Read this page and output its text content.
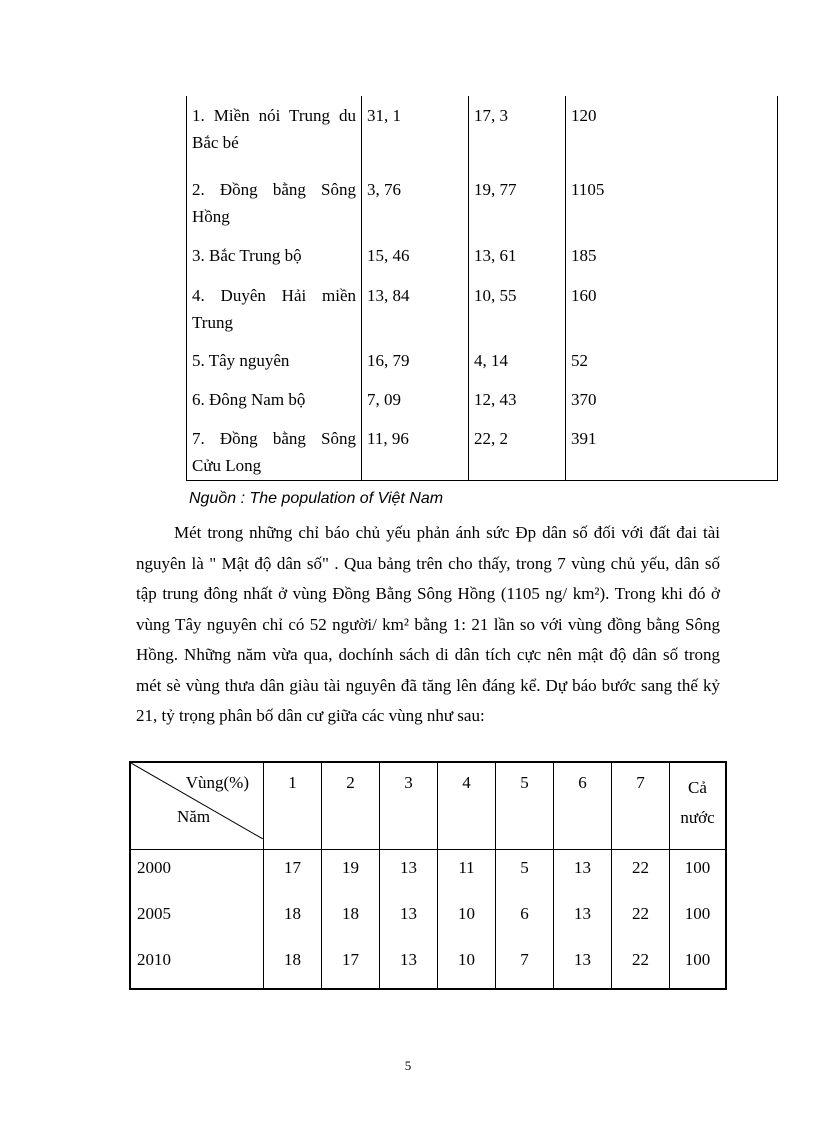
1. Miền nói Trung du Bắc bé	31, 1	17, 3	120

2. Đồng bằng Sông Hồng	3, 76	19, 77	1105

3. Bắc Trung bộ	15, 46	13, 61	185

4. Duyên Hải miền Trung	13, 84	10, 55	160

5. Tây nguyên	16, 79	4, 14	52

6. Đông Nam bộ	7, 09	12, 43	370

7. Đồng bằng Sông Cửu Long	11, 96	22, 2	391
Nguồn : The population of Việt Nam

Mét trong những chỉ báo chủ yếu phản ánh sức Đp dân số đối với đất đai tài nguyên là " Mật độ dân số" . Qua bảng trên cho thấy, trong 7 vùng chủ yếu, dân số tập trung đông nhất ở vùng Đồng Bằng Sông Hồng (1105 ng/ km²). Trong khi đó ở vùng Tây nguyên chỉ có 52 người/ km² bằng 1: 21 lần so với vùng đồng bằng Sông Hồng. Những năm vừa qua, dochính sách di dân tích cực nên mật độ dân số trong mét sè vùng thưa dân giàu tài nguyên đã tăng lên đáng kể. Dự báo bước sang thế kỷ 21, tỷ trọng phân bố dân cư giữa các vùng như sau:

Vùng(%)
Năm	1	2	3	4	5	6	7	Cả nước
2000	17	19	13	11	5	13	22	100
2005	18	18	13	10	6	13	22	100
2010	18	17	13	10	7	13	22	100
5
